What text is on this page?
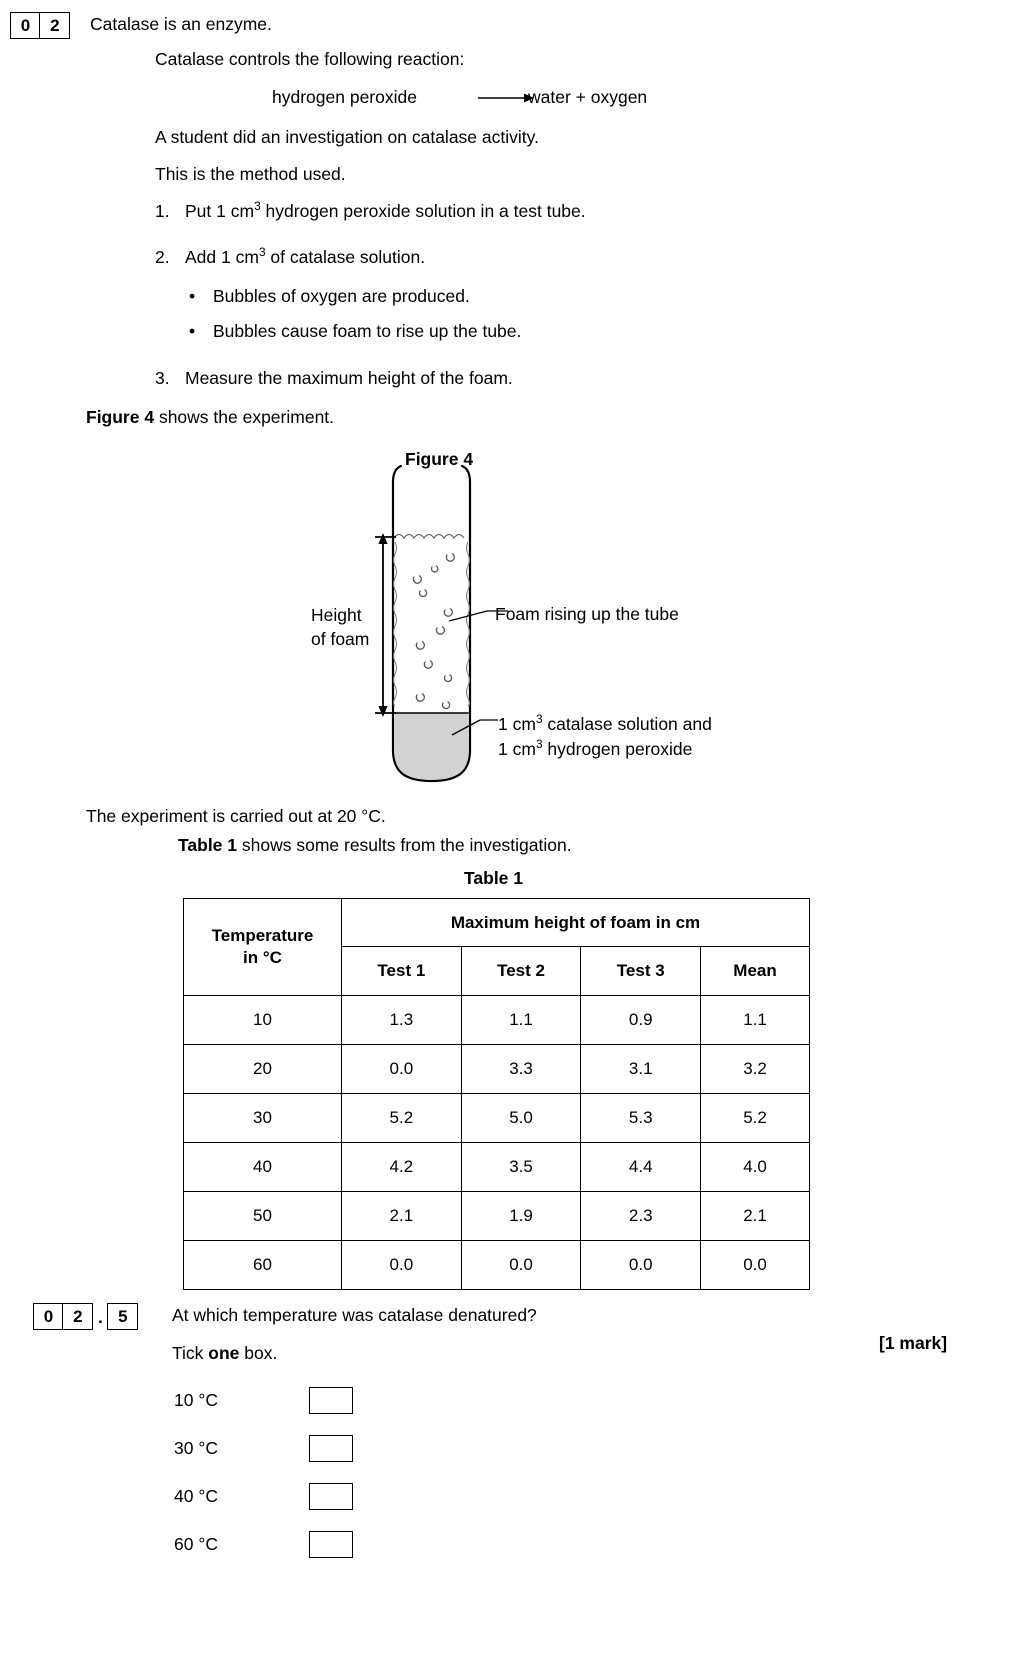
0	2	Catalase is an enzyme.
Catalase controls the following reaction:
hydrogen peroxide	water + oxygen
A student did an investigation on catalase activity.
This is the method used.
1. Put 1 $cm^3$ hydrogen peroxide solution in a test tube.
2. Add 1 $cm^3$ of catalase solution.
• Bubbles of oxygen are produced.
• Bubbles cause foam to rise up the tube.
3. Measure the maximum height of the foam.
Figure 4 shows the experiment.
Figure 4
Height
of foam
Foam rising up the tube
1 $cm^3$ catalase solution and
1 $cm^3$ hydrogen peroxide
The experiment is carried out at 20 °C.
Table 1 shows some results from the investigation.
Table 1
Temperature
in °C	Maximum height of foam in cm			
	Test 1	Test 2	Test 3	Mean
10	1.3	1.1	0.9	1.1
20	0.0	3.3	3.1	3.2
30	5.2	5.0	5.3	5.2
40	4.2	3.5	4.4	4.0
50	2.1	1.9	2.3	2.1
60	0.0	0.0	0.0	0.0
0	2 . 5	At which temperature was catalase denatured?
Tick one box.	[1 mark]
10 °C
30 °C
40 °C
60 °C
